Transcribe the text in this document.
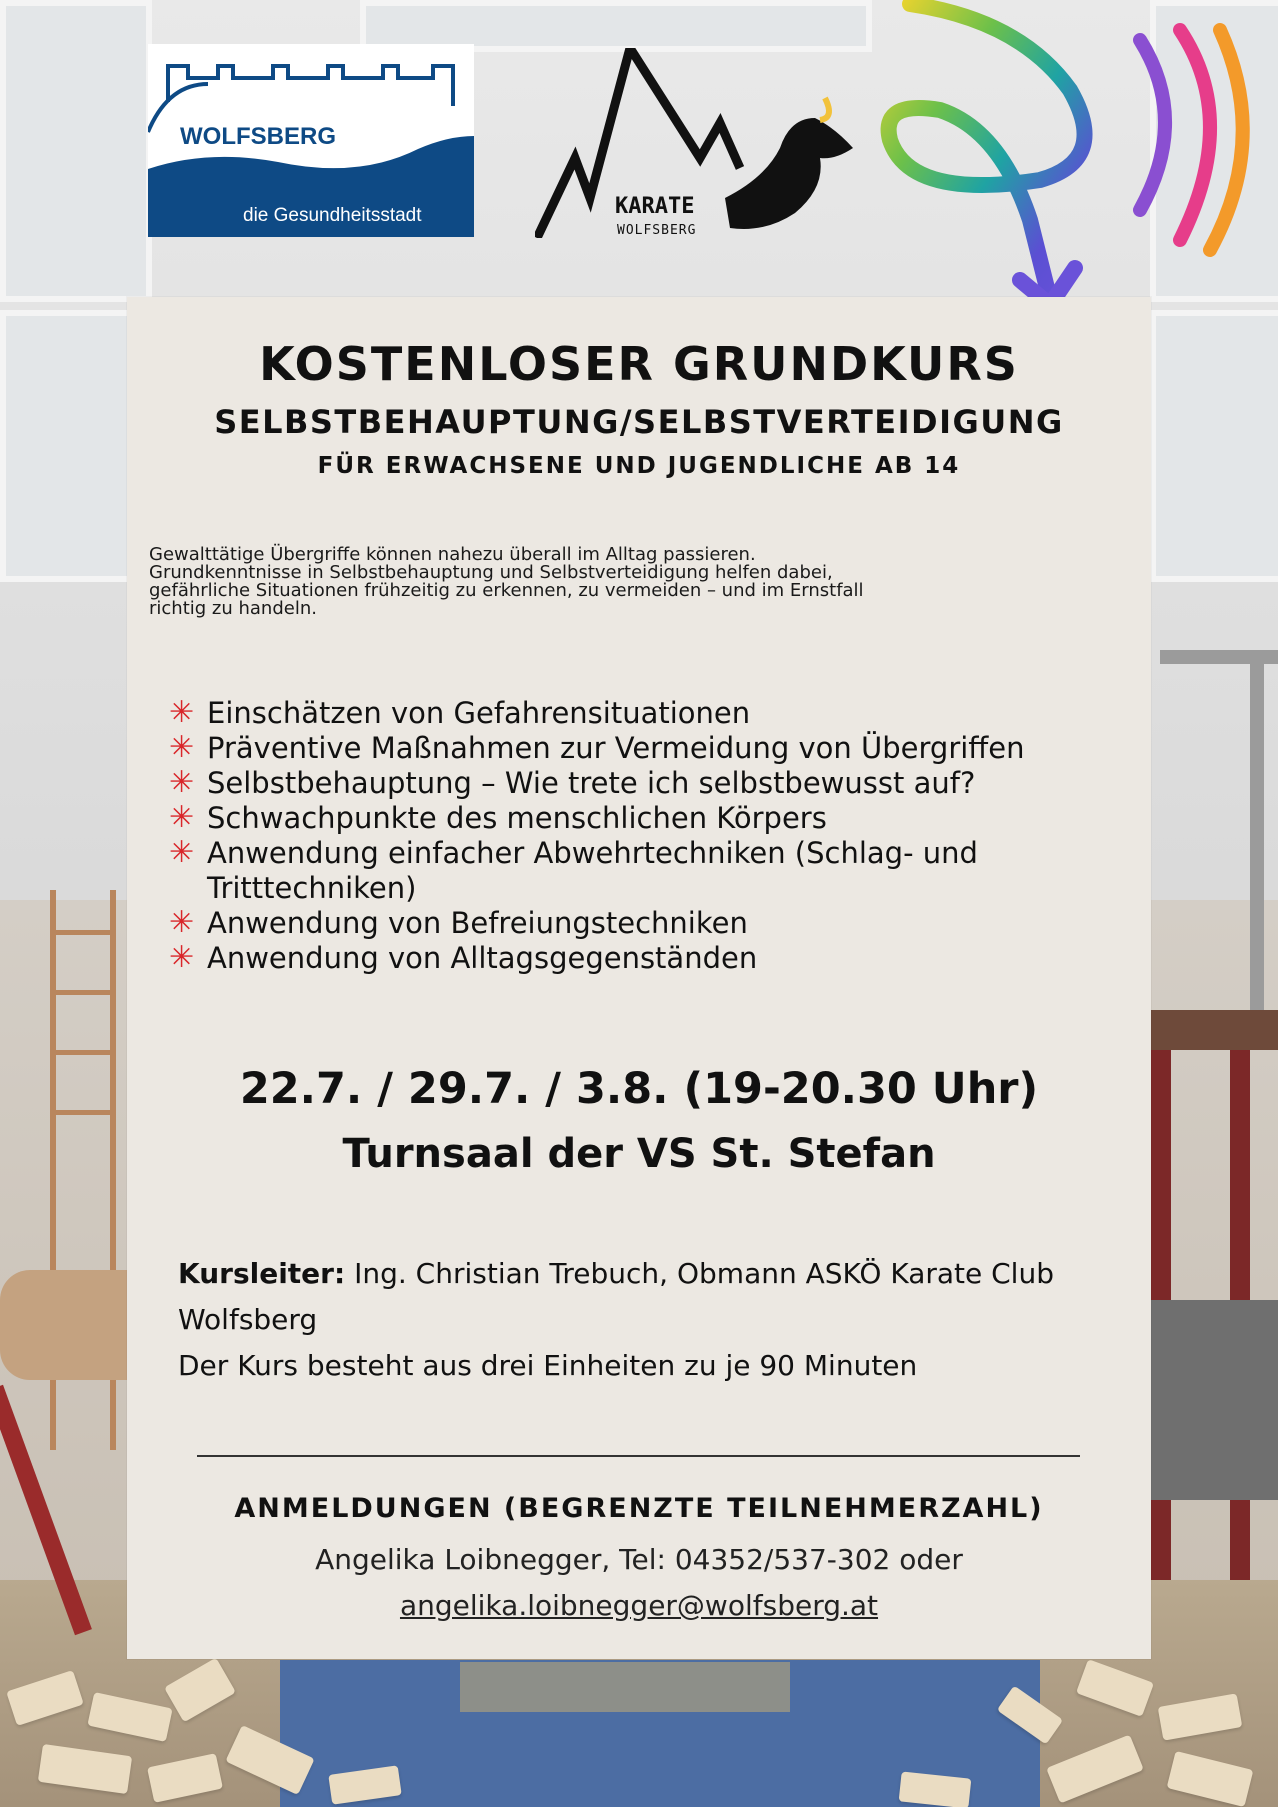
WOLFSBERG
die Gesundheitsstadt	KARATE
WOLFSBERG
KOSTENLOSER GRUNDKURS
SELBSTBEHAUPTUNG/SELBSTVERTEIDIGUNG
FÜR ERWACHSENE UND JUGENDLICHE AB 14
Gewalttätige Übergriffe können nahezu überall im Alltag passieren.
Grundkenntnisse in Selbstbehauptung und Selbstverteidigung helfen dabei,
gefährliche Situationen frühzeitig zu erkennen, zu vermeiden – und im Ernstfall
richtig zu handeln.
✳ Einschätzen von Gefahrensituationen
✳ Präventive Maßnahmen zur Vermeidung von Übergriffen
✳ Selbstbehauptung – Wie trete ich selbstbewusst auf?
✳ Schwachpunkte des menschlichen Körpers
✳ Anwendung einfacher Abwehrtechniken (Schlag- und Tritttechniken)
✳ Anwendung von Befreiungstechniken
✳ Anwendung von Alltagsgegenständen
22.7. / 29.7. / 3.8. (19-20.30 Uhr)
Turnsaal der VS St. Stefan
Kursleiter: Ing. Christian Trebuch, Obmann ASKÖ Karate Club Wolfsberg
Der Kurs besteht aus drei Einheiten zu je 90 Minuten
ANMELDUNGEN (BEGRENZTE TEILNEHMERZAHL)
Angelika Loibnegger, Tel: 04352/537-302 oder
angelika.loibnegger@wolfsberg.at
